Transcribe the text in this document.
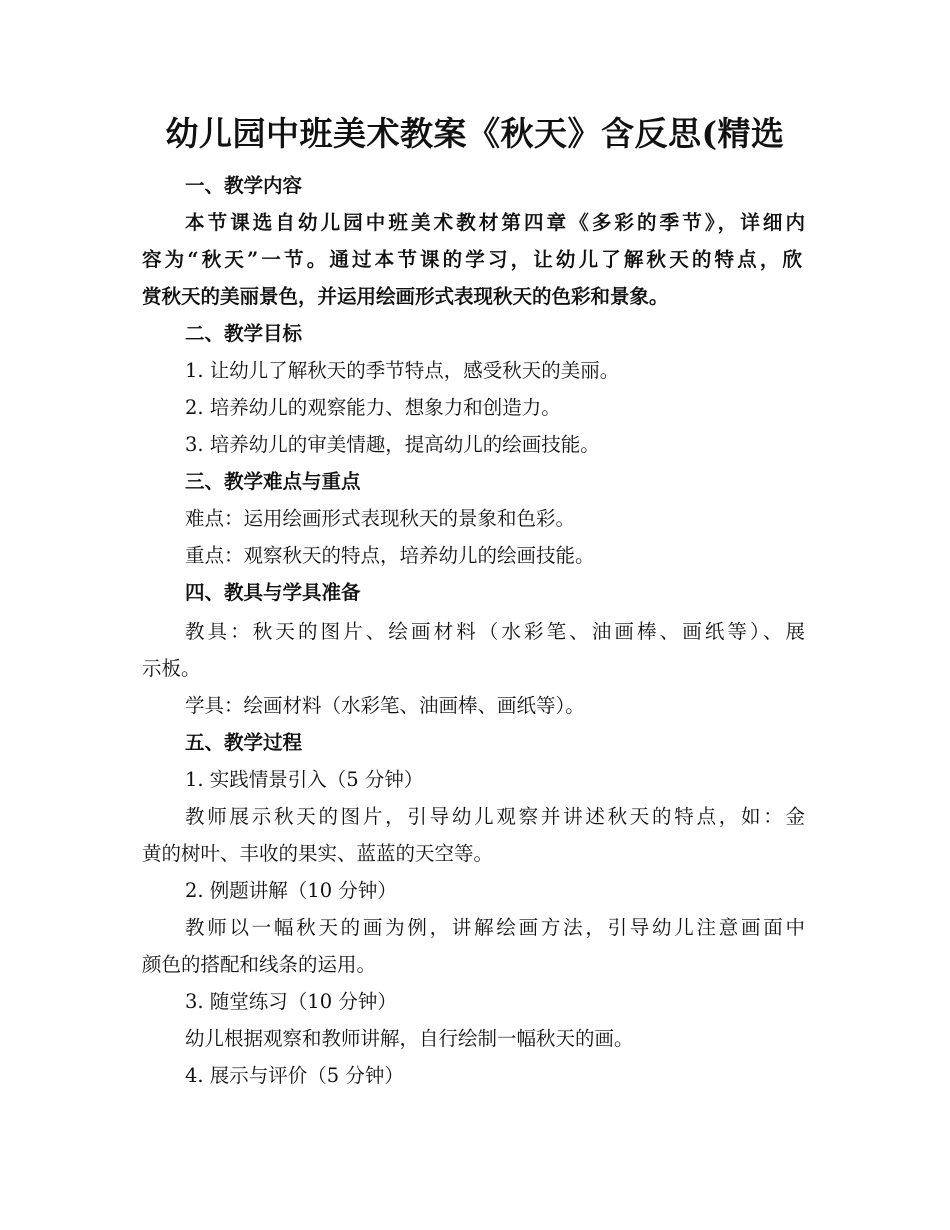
幼儿园中班美术教案《秋天》含反思(精选
一、教学内容
本节课选自幼儿园中班美术教材第四章《多彩的季节》，详细内
容为“秋天”一节。通过本节课的学习，让幼儿了解秋天的特点，欣
赏秋天的美丽景色，并运用绘画形式表现秋天的色彩和景象。
二、教学目标
1. 让幼儿了解秋天的季节特点，感受秋天的美丽。
2. 培养幼儿的观察能力、想象力和创造力。
3. 培养幼儿的审美情趣，提高幼儿的绘画技能。
三、教学难点与重点
难点：运用绘画形式表现秋天的景象和色彩。
重点：观察秋天的特点，培养幼儿的绘画技能。
四、教具与学具准备
教具：秋天的图片、绘画材料（水彩笔、油画棒、画纸等）、展
示板。
学具：绘画材料（水彩笔、油画棒、画纸等）。
五、教学过程
1. 实践情景引入（5 分钟）
教师展示秋天的图片，引导幼儿观察并讲述秋天的特点，如：金
黄的树叶、丰收的果实、蓝蓝的天空等。
2. 例题讲解（10 分钟）
教师以一幅秋天的画为例，讲解绘画方法，引导幼儿注意画面中
颜色的搭配和线条的运用。
3. 随堂练习（10 分钟）
幼儿根据观察和教师讲解，自行绘制一幅秋天的画。
4. 展示与评价（5 分钟）
